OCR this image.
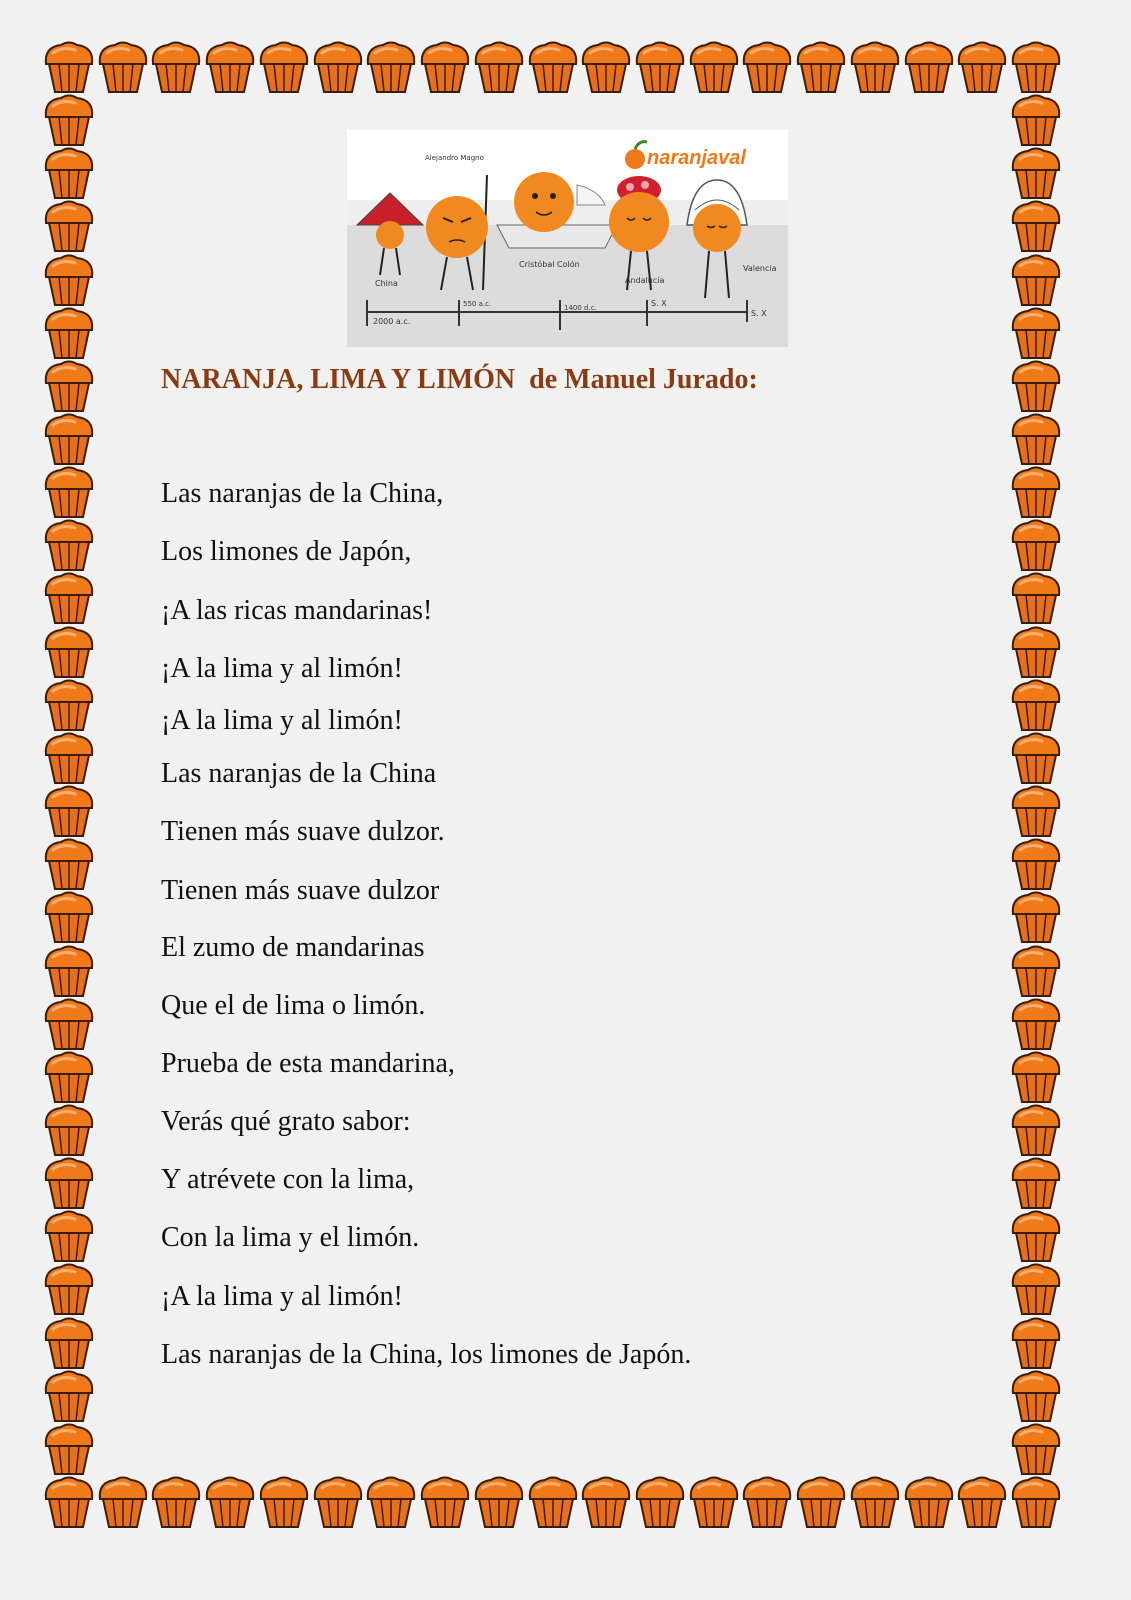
naranjaval
2000 a.c.
550 a.c.	1400 d.c.	S. X
S. X
China
Alejandro Magno
Cristóbal Colón
Andalucía
Valencia
NARANJA, LIMA Y LIMÓN  de Manuel Jurado:

Las naranjas de la China,

Los limones de Japón,

¡A las ricas mandarinas!

¡A la lima y al limón!

¡A la lima y al limón!

Las naranjas de la China

Tienen más suave dulzor.

Tienen más suave dulzor

El zumo de mandarinas

Que el de lima o limón.

Prueba de esta mandarina,

Verás qué grato sabor:

Y atrévete con la lima,

Con la lima y el limón.

¡A la lima y al limón!

Las naranjas de la China, los limones de Japón.
